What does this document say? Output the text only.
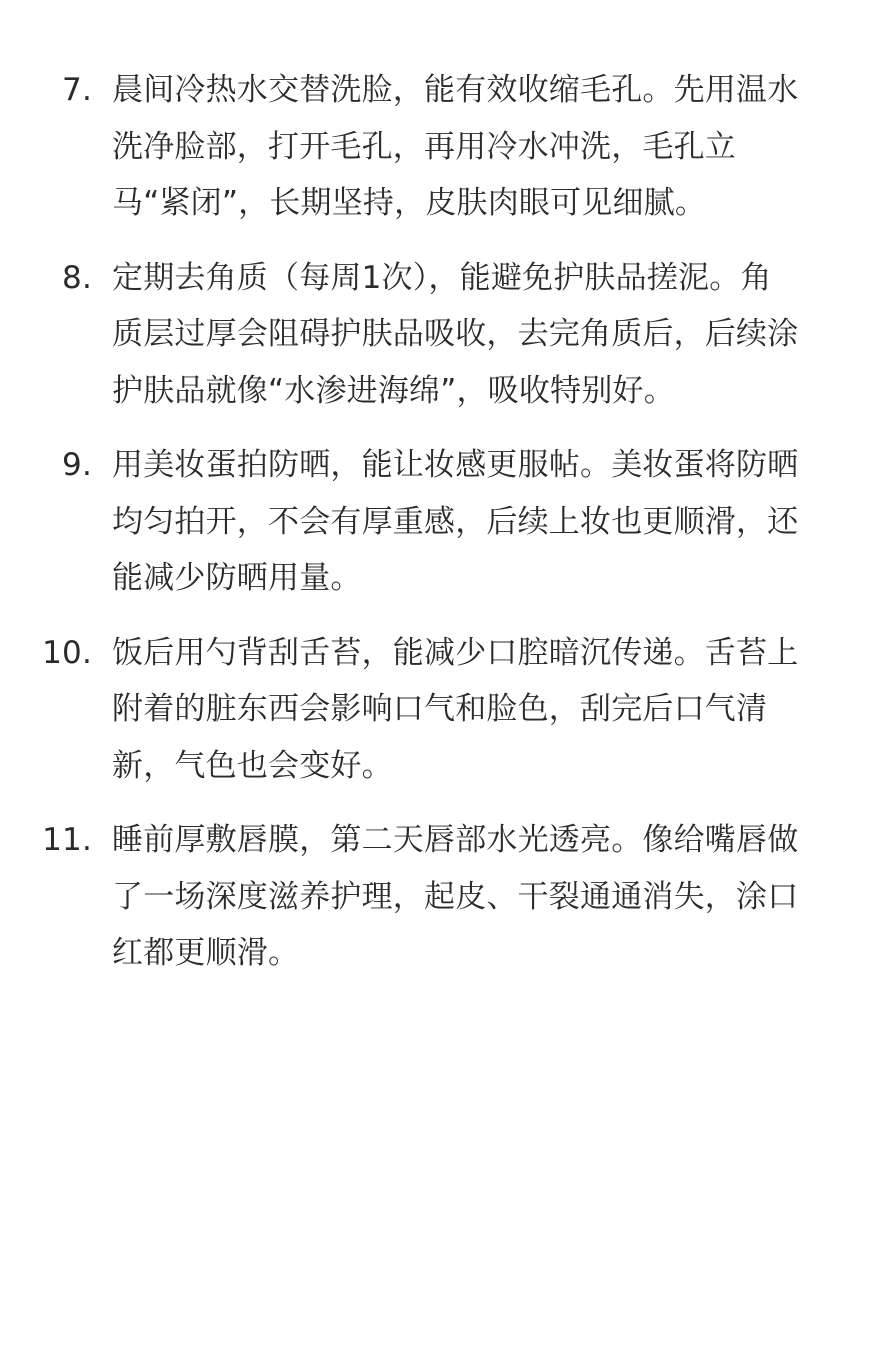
7. 晨间冷热水交替洗脸，能有效收缩毛孔。先用温水
洗净脸部，打开毛孔，再用冷水冲洗，毛孔立
马“紧闭”，长期坚持，皮肤肉眼可见细腻。
8. 定期去角质（每周1次），能避免护肤品搓泥。角
质层过厚会阻碍护肤品吸收，去完角质后，后续涂
护肤品就像“水渗进海绵”，吸收特别好。
9. 用美妆蛋拍防晒，能让妆感更服帖。美妆蛋将防晒
均匀拍开，不会有厚重感，后续上妆也更顺滑，还
能减少防晒用量。
10. 饭后用勺背刮舌苔，能减少口腔暗沉传递。舌苔上
附着的脏东西会影响口气和脸色，刮完后口气清
新，气色也会变好。
11. 睡前厚敷唇膜，第二天唇部水光透亮。像给嘴唇做
了一场深度滋养护理，起皮、干裂通通消失，涂口
红都更顺滑。
